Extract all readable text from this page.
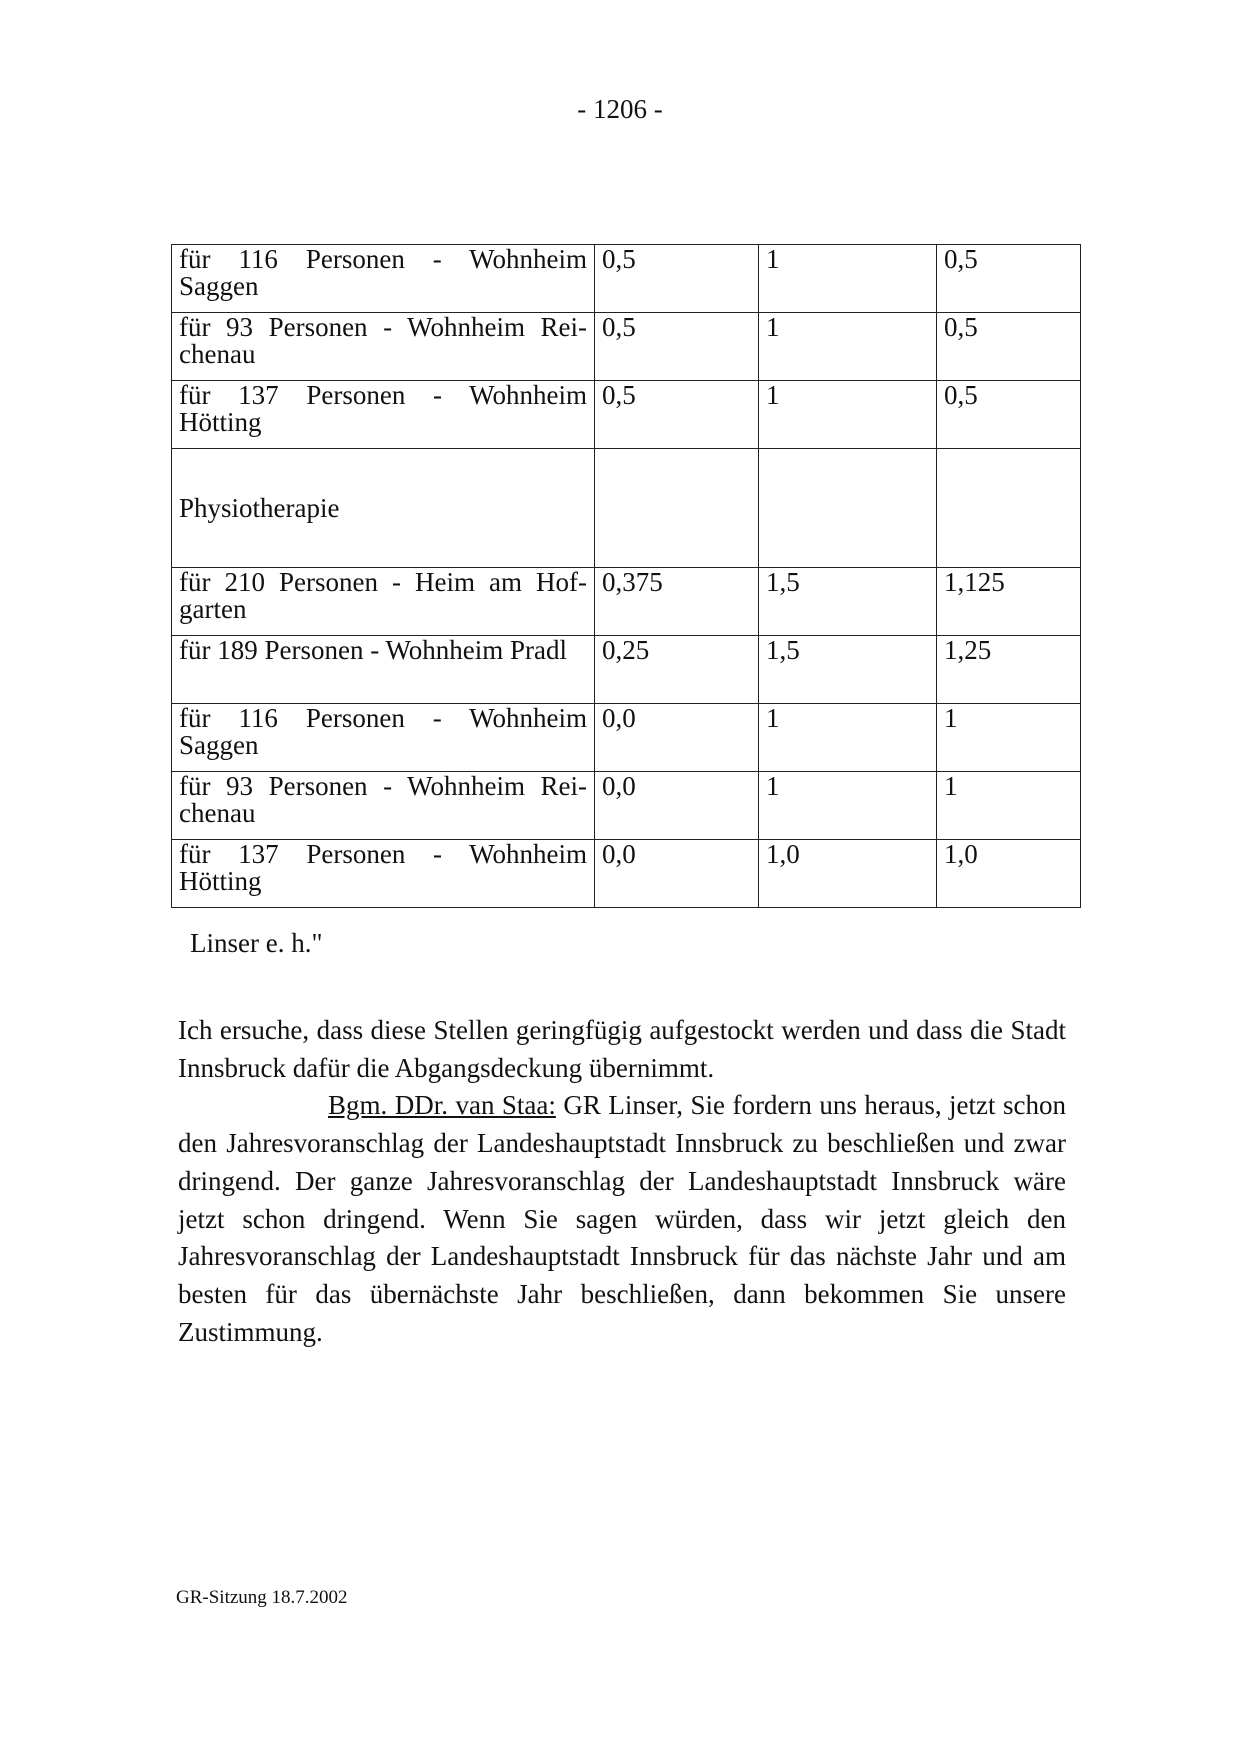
- 1206 -
für 116 Personen - Wohnheim Saggen	0,5	1	0,5
für 93 Personen - Wohnheim Rei-chenau	0,5	1	0,5
für 137 Personen - Wohnheim Hötting	0,5	1	0,5
Physiotherapie			
für 210 Personen - Heim am Hof-garten	0,375	1,5	1,125
für 189 Personen - Wohnheim Pradl	0,25	1,5	1,25
für 116 Personen - Wohnheim Saggen	0,0	1	1
für 93 Personen - Wohnheim Rei-chenau	0,0	1	1
für 137 Personen - Wohnheim Hötting	0,0	1,0	1,0
Linser e. h."

Ich ersuche, dass diese Stellen geringfügig aufgestockt werden und dass die Stadt Innsbruck dafür die Abgangsdeckung übernimmt.

Bgm. DDr. van Staa: GR Linser, Sie fordern uns heraus, jetzt schon den Jahresvoranschlag der Landeshauptstadt Innsbruck zu beschließen und zwar dringend. Der ganze Jahresvoranschlag der Landeshauptstadt Innsbruck wäre jetzt schon dringend. Wenn Sie sagen würden, dass wir jetzt gleich den Jahresvoranschlag der Landeshauptstadt Innsbruck für das nächste Jahr und am besten für das übernächste Jahr beschließen, dann bekommen Sie unsere Zustimmung.

GR-Sitzung 18.7.2002
